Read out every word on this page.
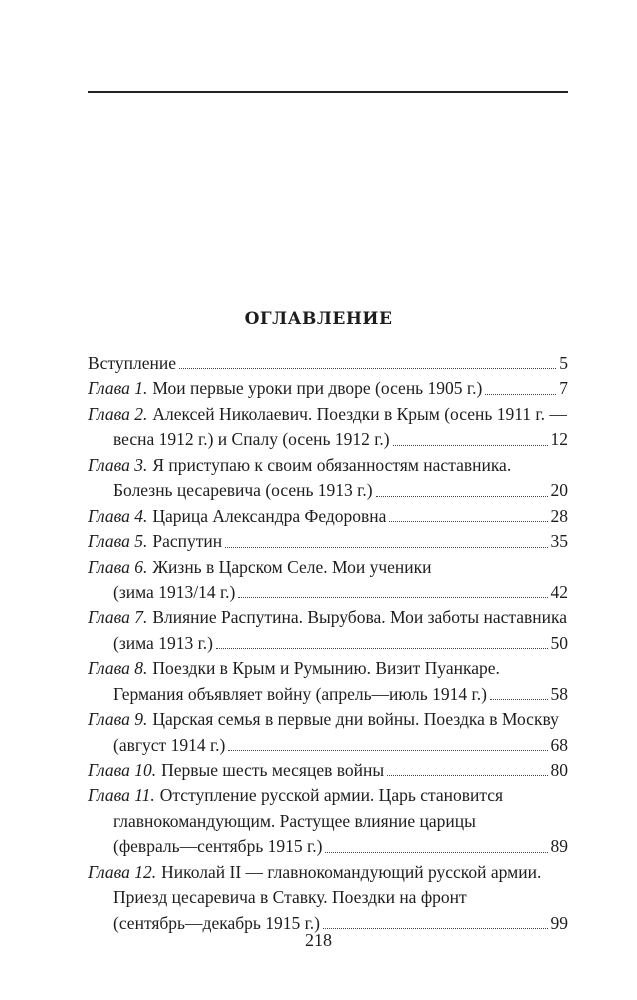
ОГЛАВЛЕНИЕ
Вступление	5
Глава 1. Мои первые уроки при дворе (осень 1905 г.)	7
Глава 2. Алексей Николаевич. Поездки в Крым (осень 1911 г. —
весна 1912 г.) и Спалу (осень 1912 г.)	12
Глава 3. Я приступаю к своим обязанностям наставника.
Болезнь цесаревича (осень 1913 г.)	20
Глава 4. Царица Александра Федоровна	28
Глава 5. Распутин	35
Глава 6. Жизнь в Царском Селе. Мои ученики
(зима 1913/14 г.)	42
Глава 7. Влияние Распутина. Вырубова. Мои заботы наставника
(зима 1913 г.)	50
Глава 8. Поездки в Крым и Румынию. Визит Пуанкаре.
Германия объявляет войну (апрель—июль 1914 г.)	58
Глава 9. Царская семья в первые дни войны. Поездка в Москву
(август 1914 г.)	68
Глава 10. Первые шесть месяцев войны	80
Глава 11. Отступление русской армии. Царь становится
главнокомандующим. Растущее влияние царицы
(февраль—сентябрь 1915 г.)	89
Глава 12. Николай II — главнокомандующий русской армии.
Приезд цесаревича в Ставку. Поездки на фронт
(сентябрь—декабрь 1915 г.)	99
218
